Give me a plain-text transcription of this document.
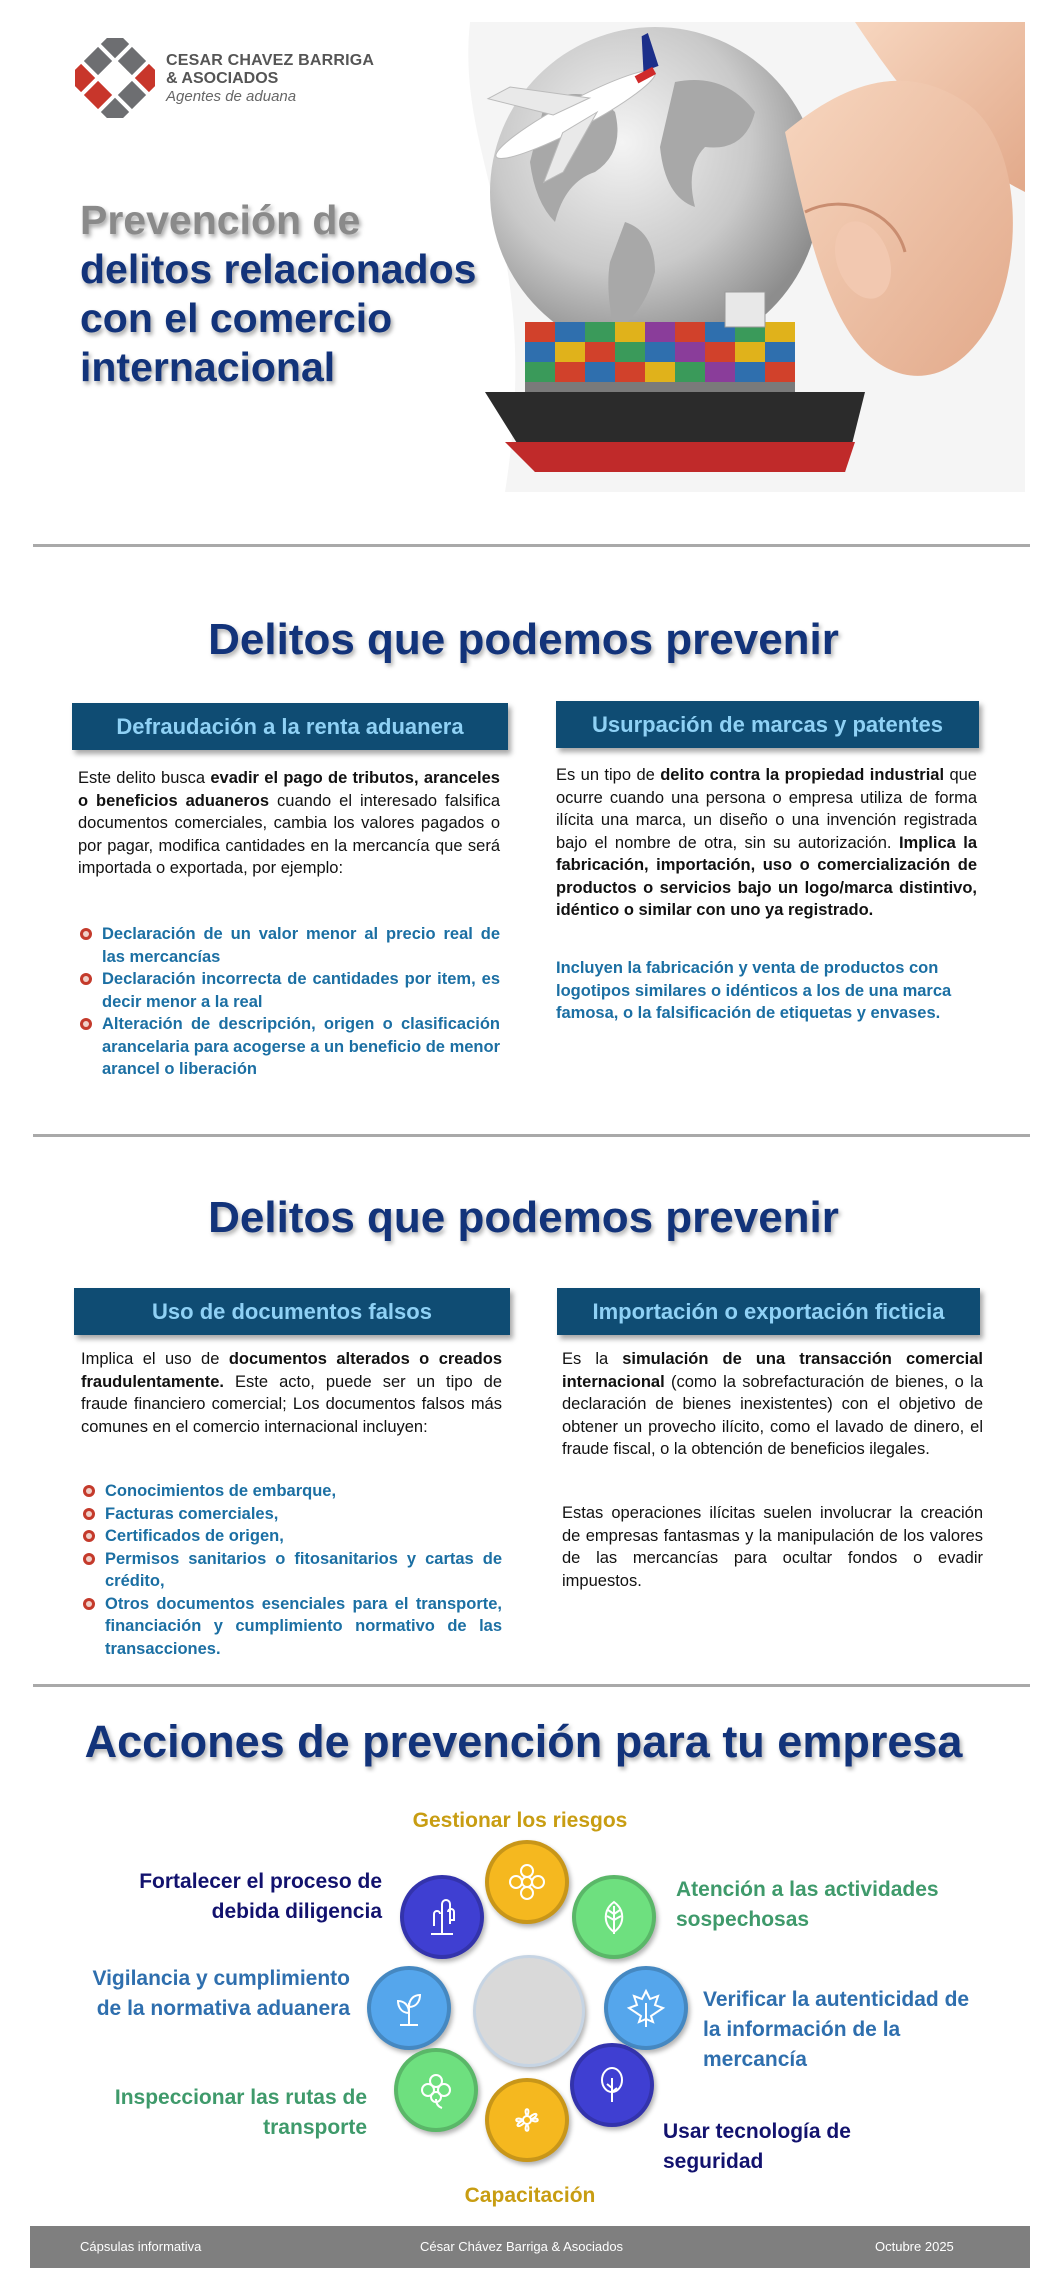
CESAR CHAVEZ BARRIGA
& ASOCIADOS
Agentes de aduana
Prevención de
delitos relacionados
con el comercio
internacional
Delitos que podemos prevenir
Defraudación a la renta aduanera
Este delito busca evadir el pago de tributos, aranceles o beneficios aduaneros cuando el interesado falsifica documentos comerciales, cambia los valores pagados o por pagar, modifica cantidades en la mercancía que será importada o exportada, por ejemplo:
Declaración de un valor menor al precio real de las mercancías
Declaración incorrecta de cantidades por item, es decir menor a la real
Alteración de descripción, origen o clasificación arancelaria para acogerse a un beneficio de menor arancel o liberación
Usurpación de marcas y patentes
Es un tipo de delito contra la propiedad industrial que ocurre cuando una persona o empresa utiliza de forma ilícita una marca, un diseño o una invención registrada bajo el nombre de otra, sin su autorización. Implica la fabricación, importación, uso o comercialización de productos o servicios bajo un logo/marca distintivo, idéntico o similar con uno ya registrado.
Incluyen la fabricación y venta de productos con logotipos similares o idénticos a los de una marca famosa, o la falsificación de etiquetas y envases.
Delitos que podemos prevenir
Uso de documentos falsos
Implica el uso de documentos alterados o creados fraudulentamente. Este acto, puede ser un tipo de fraude financiero comercial; Los documentos falsos más comunes en el comercio internacional incluyen:
Conocimientos de embarque,
Facturas comerciales,
Certificados de origen,
Permisos sanitarios o fitosanitarios y cartas de crédito,
Otros documentos esenciales para el transporte, financiación y cumplimiento normativo de las transacciones.
Importación o exportación ficticia
Es la simulación de una transacción comercial internacional (como la sobrefacturación de bienes, o la declaración de bienes inexistentes) con el objetivo de obtener un provecho ilícito, como el lavado de dinero, el fraude fiscal, o la obtención de beneficios ilegales.
Estas operaciones ilícitas suelen involucrar la creación de empresas fantasmas y la manipulación de los valores de las mercancías para ocultar fondos o evadir impuestos.
Acciones de prevención para tu empresa
Gestionar los riesgos
Fortalecer el proceso de
debida diligencia
Atención a las actividades
sospechosas
Vigilancia y cumplimiento
de la normativa aduanera	Verificar la autenticidad de
la información de la
mercancía
Inspeccionar las rutas de
transporte	Usar tecnología de
seguridad
Capacitación
Cápsulas informativa	César Chávez Barriga & Asociados	Octubre 2025
